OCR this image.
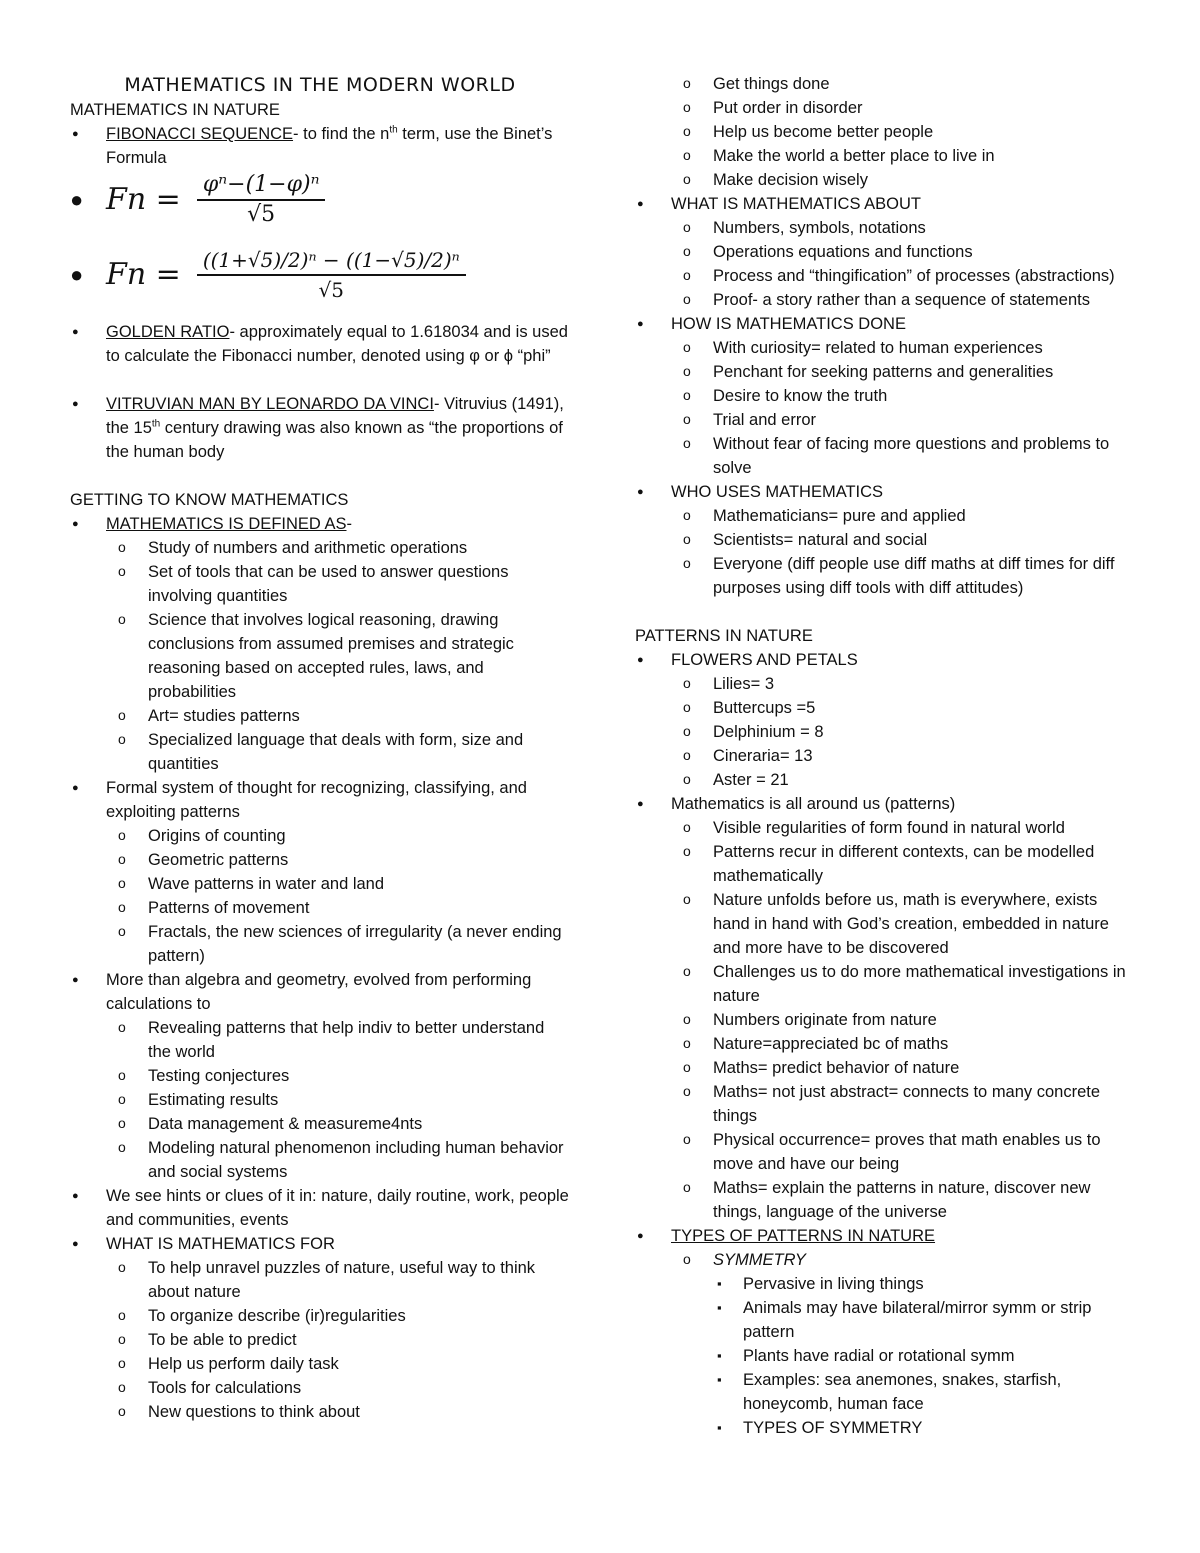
MATHEMATICS IN THE MODERN WORLD
MATHEMATICS IN NATURE
● FIBONACCI SEQUENCE- to find the $n^{th}$ term, use the Binet’s Formula
● $Fn = \frac{\text{φⁿ−(1−φ)ⁿ}}{√5}$
● $Fn = \frac{\text{((1+√5)/2)ⁿ − ((1−√5)/2)ⁿ}}{√5}$
● GOLDEN RATIO- approximately equal to 1.618034 and is used to calculate the Fibonacci number, denoted using φ or ϕ “phi”
● VITRUVIAN MAN BY LEONARDO DA VINCI- Vitruvius (1491), the 15th century drawing was also known as “the proportions of the human body
GETTING TO KNOW MATHEMATICS
● MATHEMATICS IS DEFINED AS-
o Study of numbers and arithmetic operations
o Set of tools that can be used to answer questions involving quantities
o Science that involves logical reasoning, drawing conclusions from assumed premises and strategic reasoning based on accepted rules, laws, and probabilities
o Art= studies patterns
o Specialized language that deals with form, size and quantities
● Formal system of thought for recognizing, classifying, and exploiting patterns
o Origins of counting
o Geometric patterns
o Wave patterns in water and land
o Patterns of movement
o Fractals, the new sciences of irregularity (a never ending pattern)
● More than algebra and geometry, evolved from performing calculations to
o Revealing patterns that help indiv to better understand the world
o Testing conjectures
o Estimating results
o Data management & measureme4nts
o Modeling natural phenomenon including human behavior and social systems
● We see hints or clues of it in: nature, daily routine, work, people and communities, events
● WHAT IS MATHEMATICS FOR
o To help unravel puzzles of nature, useful way to think about nature
o To organize describe (ir)regularities
o To be able to predict
o Help us perform daily task
o Tools for calculations
o New questions to think about
o Get things done
o Put order in disorder
o Help us become better people
o Make the world a better place to live in
o Make decision wisely
● WHAT IS MATHEMATICS ABOUT
o Numbers, symbols, notations
o Operations equations and functions
o Process and “thingification” of processes (abstractions)
o Proof- a story rather than a sequence of statements
● HOW IS MATHEMATICS DONE
o With curiosity= related to human experiences
o Penchant for seeking patterns and generalities
o Desire to know the truth
o Trial and error
o Without fear of facing more questions and problems to solve
● WHO USES MATHEMATICS
o Mathematicians= pure and applied
o Scientists= natural and social
o Everyone (diff people use diff maths at diff times for diff purposes using diff tools with diff attitudes)
PATTERNS IN NATURE
● FLOWERS AND PETALS
o Lilies= 3
o Buttercups =5
o Delphinium = 8
o Cineraria= 13
o Aster = 21
● Mathematics is all around us (patterns)
o Visible regularities of form found in natural world
o Patterns recur in different contexts, can be modelled mathematically
o Nature unfolds before us, math is everywhere, exists hand in hand with God’s creation, embedded in nature and more have to be discovered
o Challenges us to do more mathematical investigations in nature
o Numbers originate from nature
o Nature=appreciated bc of maths
o Maths= predict behavior of nature
o Maths= not just abstract= connects to many concrete things
o Physical occurrence= proves that math enables us to move and have our being
o Maths= explain the patterns in nature, discover new things, language of the universe
● TYPES OF PATTERNS IN NATURE
o SYMMETRY
▪ Pervasive in living things
▪ Animals may have bilateral/mirror symm or strip pattern
▪ Plants have radial or rotational symm
▪ Examples: sea anemones, snakes, starfish, honeycomb, human face
▪ TYPES OF SYMMETRY
